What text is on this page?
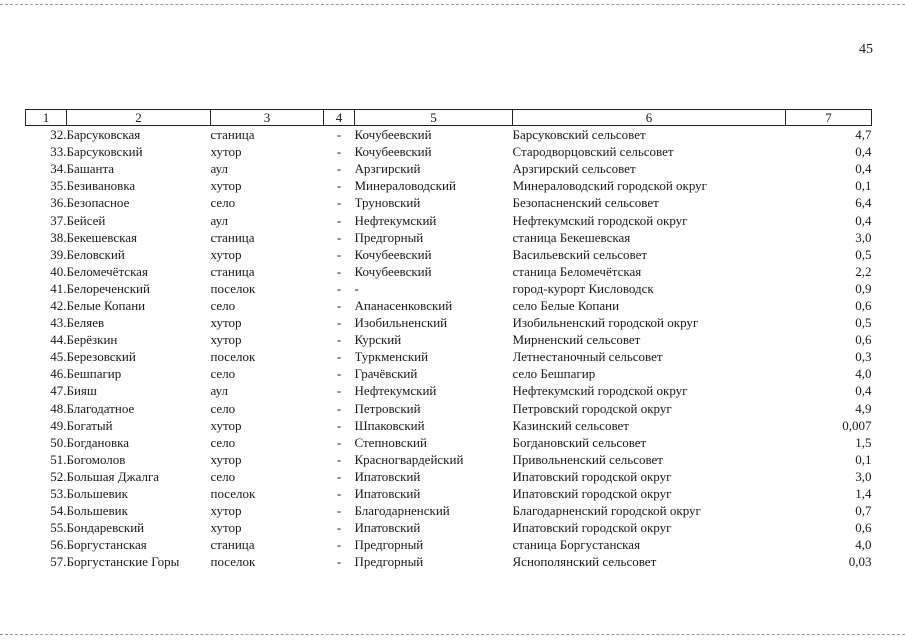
45
1	2	3	4	5	6	7
32.	Барсуковская	станица	-	Кочубеевский	Барсуковский сельсовет	4,7
33.	Барсуковский	хутор	-	Кочубеевский	Стародворцовский сельсовет	0,4
34.	Башанта	аул	-	Арзгирский	Арзгирский сельсовет	0,4
35.	Безивановка	хутор	-	Минераловодский	Минераловодский городской округ	0,1
36.	Безопасное	село	-	Труновский	Безопасненский сельсовет	6,4
37.	Бейсей	аул	-	Нефтекумский	Нефтекумский городской округ	0,4
38.	Бекешевская	станица	-	Предгорный	станица Бекешевская	3,0
39.	Беловский	хутор	-	Кочубеевский	Васильевский сельсовет	0,5
40.	Беломечётская	станица	-	Кочубеевский	станица Беломечётская	2,2
41.	Белореченский	поселок	-	-	город-курорт Кисловодск	0,9
42.	Белые Копани	село	-	Апанасенковский	село Белые Копани	0,6
43.	Беляев	хутор	-	Изобильненский	Изобильненский городской округ	0,5
44.	Берёзкин	хутор	-	Курский	Мирненский сельсовет	0,6
45.	Березовский	поселок	-	Туркменский	Летнестаночный сельсовет	0,3
46.	Бешпагир	село	-	Грачёвский	село Бешпагир	4,0
47.	Бияш	аул	-	Нефтекумский	Нефтекумский городской округ	0,4
48.	Благодатное	село	-	Петровский	Петровский городской округ	4,9
49.	Богатый	хутор	-	Шпаковский	Казинский сельсовет	0,007
50.	Богдановка	село	-	Степновский	Богдановский сельсовет	1,5
51.	Богомолов	хутор	-	Красногвардейский	Привольненский сельсовет	0,1
52.	Большая Джалга	село	-	Ипатовский	Ипатовский городской округ	3,0
53.	Большевик	поселок	-	Ипатовский	Ипатовский городской округ	1,4
54.	Большевик	хутор	-	Благодарненский	Благодарненский городской округ	0,7
55.	Бондаревский	хутор	-	Ипатовский	Ипатовский городской округ	0,6
56.	Боргустанская	станица	-	Предгорный	станица Боргустанская	4,0
57.	Боргустанские Горы	поселок	-	Предгорный	Яснополянский сельсовет	0,03
